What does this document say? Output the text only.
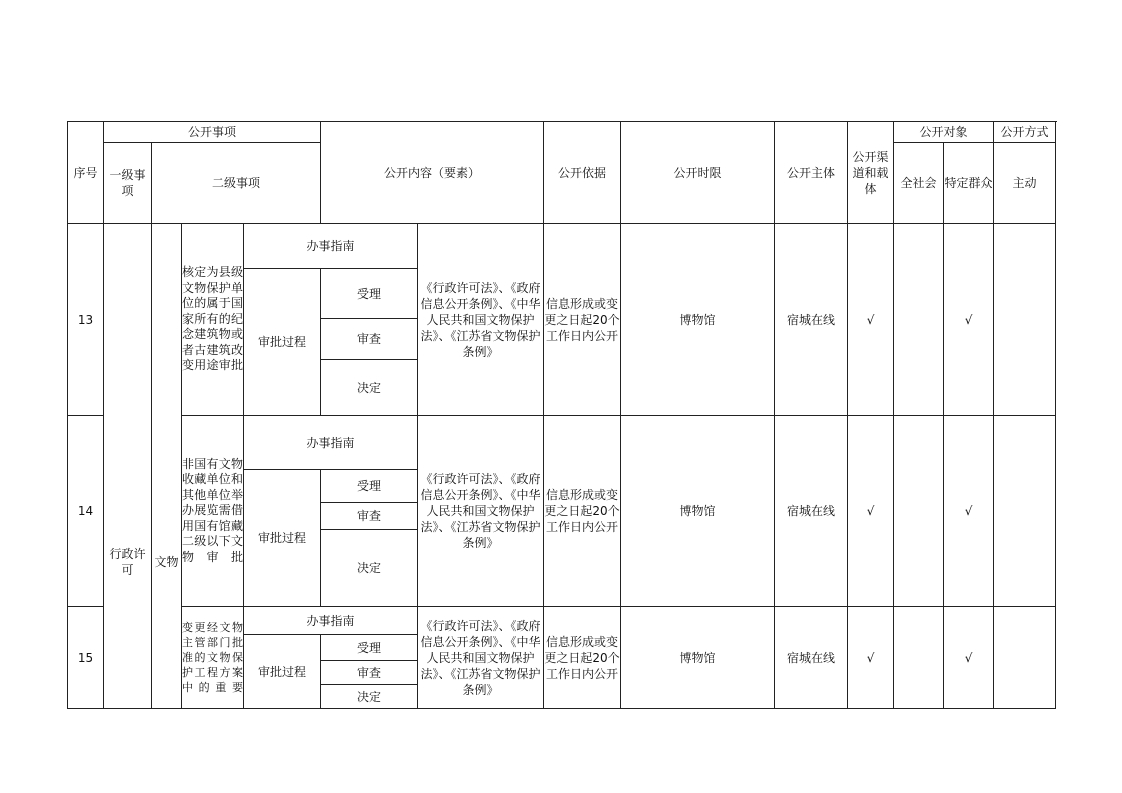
序号	公开事项				公开内容（要素）		公开依据	公开时限	公开主体	公开渠道和载体	公开对象		公开方式	
	一级事项	二级事项									全社会	特定群众	主动	
13			核定为县级文物保护单位的属于国家所有的纪念建筑物或者古建筑改变用途审批	办事指南		《行政许可法》、《政府信息公开条例》、《中华人民共和国文物保护法》、《江苏省文物保护条例》	信息形成或变更之日起20个工作日内公开	博物馆	宿城在线	√		√		
				审批过程	受理									
					审查									
					决定									
14	行政许可	文物	非国有文物收藏单位和其他单位举办展览需借用国有馆藏二级以下文物审批	办事指南		《行政许可法》、《政府信息公开条例》、《中华人民共和国文物保护法》、《江苏省文物保护条例》	信息形成或变更之日起20个工作日内公开	博物馆	宿城在线	√		√		
				审批过程	受理									
					审查									
					决定									
15			变更经文物主管部门批准的文物保护工程方案中的重要	办事指南		《行政许可法》、《政府信息公开条例》、《中华人民共和国文物保护法》、《江苏省文物保护条例》	信息形成或变更之日起20个工作日内公开	博物馆	宿城在线	√		√		
				审批过程	受理									
					审查									
					决定									
